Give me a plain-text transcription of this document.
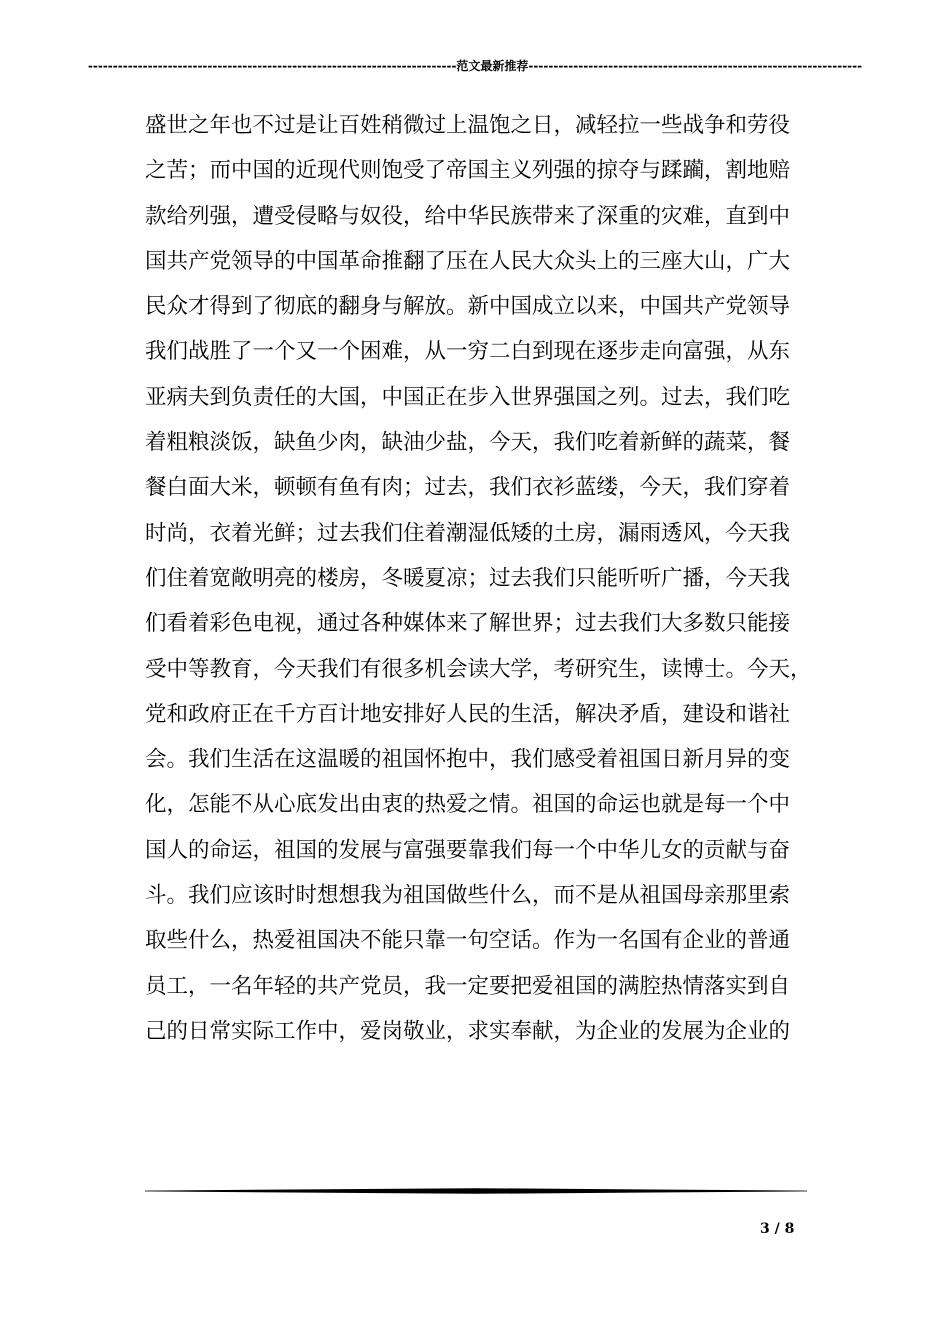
--------------------------------------------------------------------------范文最新推荐-------------------------------------------------------------------
盛世之年也不过是让百姓稍微过上温饱之日，减轻拉一些战争和劳役
之苦；而中国的近现代则饱受了帝国主义列强的掠夺与蹂躏，割地赔
款给列强，遭受侵略与奴役，给中华民族带来了深重的灾难，直到中
国共产党领导的中国革命推翻了压在人民大众头上的三座大山，广大
民众才得到了彻底的翻身与解放。新中国成立以来，中国共产党领导
我们战胜了一个又一个困难，从一穷二白到现在逐步走向富强，从东
亚病夫到负责任的大国，中国正在步入世界强国之列。过去，我们吃
着粗粮淡饭，缺鱼少肉，缺油少盐，今天，我们吃着新鲜的蔬菜，餐
餐白面大米，顿顿有鱼有肉；过去，我们衣衫蓝缕，今天，我们穿着
时尚，衣着光鲜；过去我们住着潮湿低矮的土房，漏雨透风，今天我
们住着宽敞明亮的楼房，冬暖夏凉；过去我们只能听听广播，今天我
们看着彩色电视，通过各种媒体来了解世界；过去我们大多数只能接
受中等教育，今天我们有很多机会读大学，考研究生，读博士。今天，
党和政府正在千方百计地安排好人民的生活，解决矛盾，建设和谐社
会。我们生活在这温暖的祖国怀抱中，我们感受着祖国日新月异的变
化，怎能不从心底发出由衷的热爱之情。祖国的命运也就是每一个中
国人的命运，祖国的发展与富强要靠我们每一个中华儿女的贡献与奋
斗。我们应该时时想想我为祖国做些什么，而不是从祖国母亲那里索
取些什么，热爱祖国决不能只靠一句空话。作为一名国有企业的普通
员工，一名年轻的共产党员，我一定要把爱祖国的满腔热情落实到自
己的日常实际工作中，爱岗敬业，求实奉献，为企业的发展为企业的
3 / 8
